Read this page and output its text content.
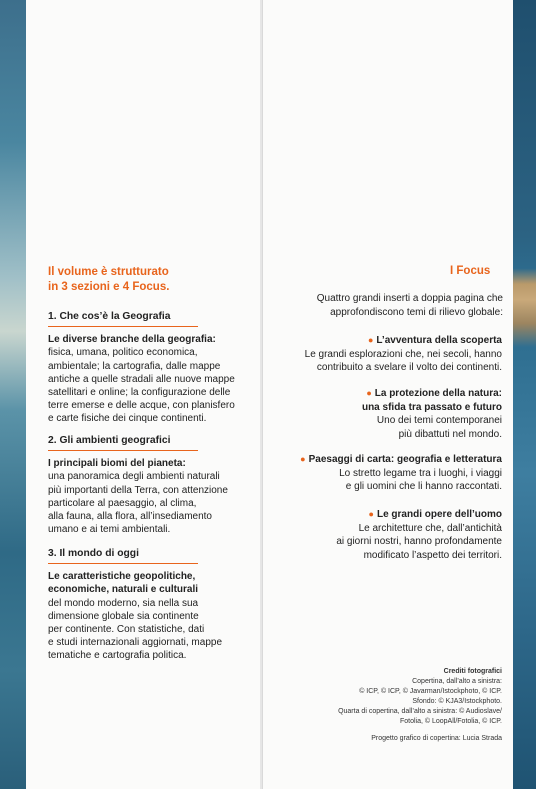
Il volume è strutturato
in 3 sezioni e 4 Focus.
1. Che cos’è la Geografia

Le diverse branche della geografia:

fisica, umana, politico economica,

ambientale; la cartografia, dalle mappe

antiche a quelle stradali alle nuove mappe

satellitari e online; la configurazione delle

terre emerse e delle acque, con planisfero

e carte fisiche dei cinque continenti.

2. Gli ambienti geografici

I principali biomi del pianeta:

una panoramica degli ambienti naturali

più importanti della Terra, con attenzione

particolare al paesaggio, al clima,

alla fauna, alla flora, all’insediamento

umano e ai temi ambientali.

3. Il mondo di oggi

Le caratteristiche geopolitiche,

economiche, naturali e culturali

del mondo moderno, sia nella sua

dimensione globale sia continente

per continente. Con statistiche, dati

e studi internazionali aggiornati, mappe

tematiche e cartografia politica.

I Focus
Quattro grandi inserti a doppia pagina che
approfondiscono temi di rilievo globale:
● L’avventura della scoperta
Le grandi esplorazioni che, nei secoli, hanno
contribuito a svelare il volto dei continenti.
● La protezione della natura:
una sfida tra passato e futuro
Uno dei temi contemporanei
più dibattuti nel mondo.
● Paesaggi di carta: geografia e letteratura
Lo stretto legame tra i luoghi, i viaggi
e gli uomini che li hanno raccontati.
● Le grandi opere dell’uomo
Le architetture che, dall’antichità
ai giorni nostri, hanno profondamente
modificato l’aspetto dei territori.
Crediti fotografici
Copertina, dall’alto a sinistra:
© ICP, © ICP, © Javarman/Istockphoto, © ICP.
Sfondo: © KJA3/Istockphoto.
Quarta di copertina, dall’alto a sinistra: © Audioslave/
Fotolia, © LoopAll/Fotolia, © ICP.
Progetto grafico di copertina: Lucia Strada
